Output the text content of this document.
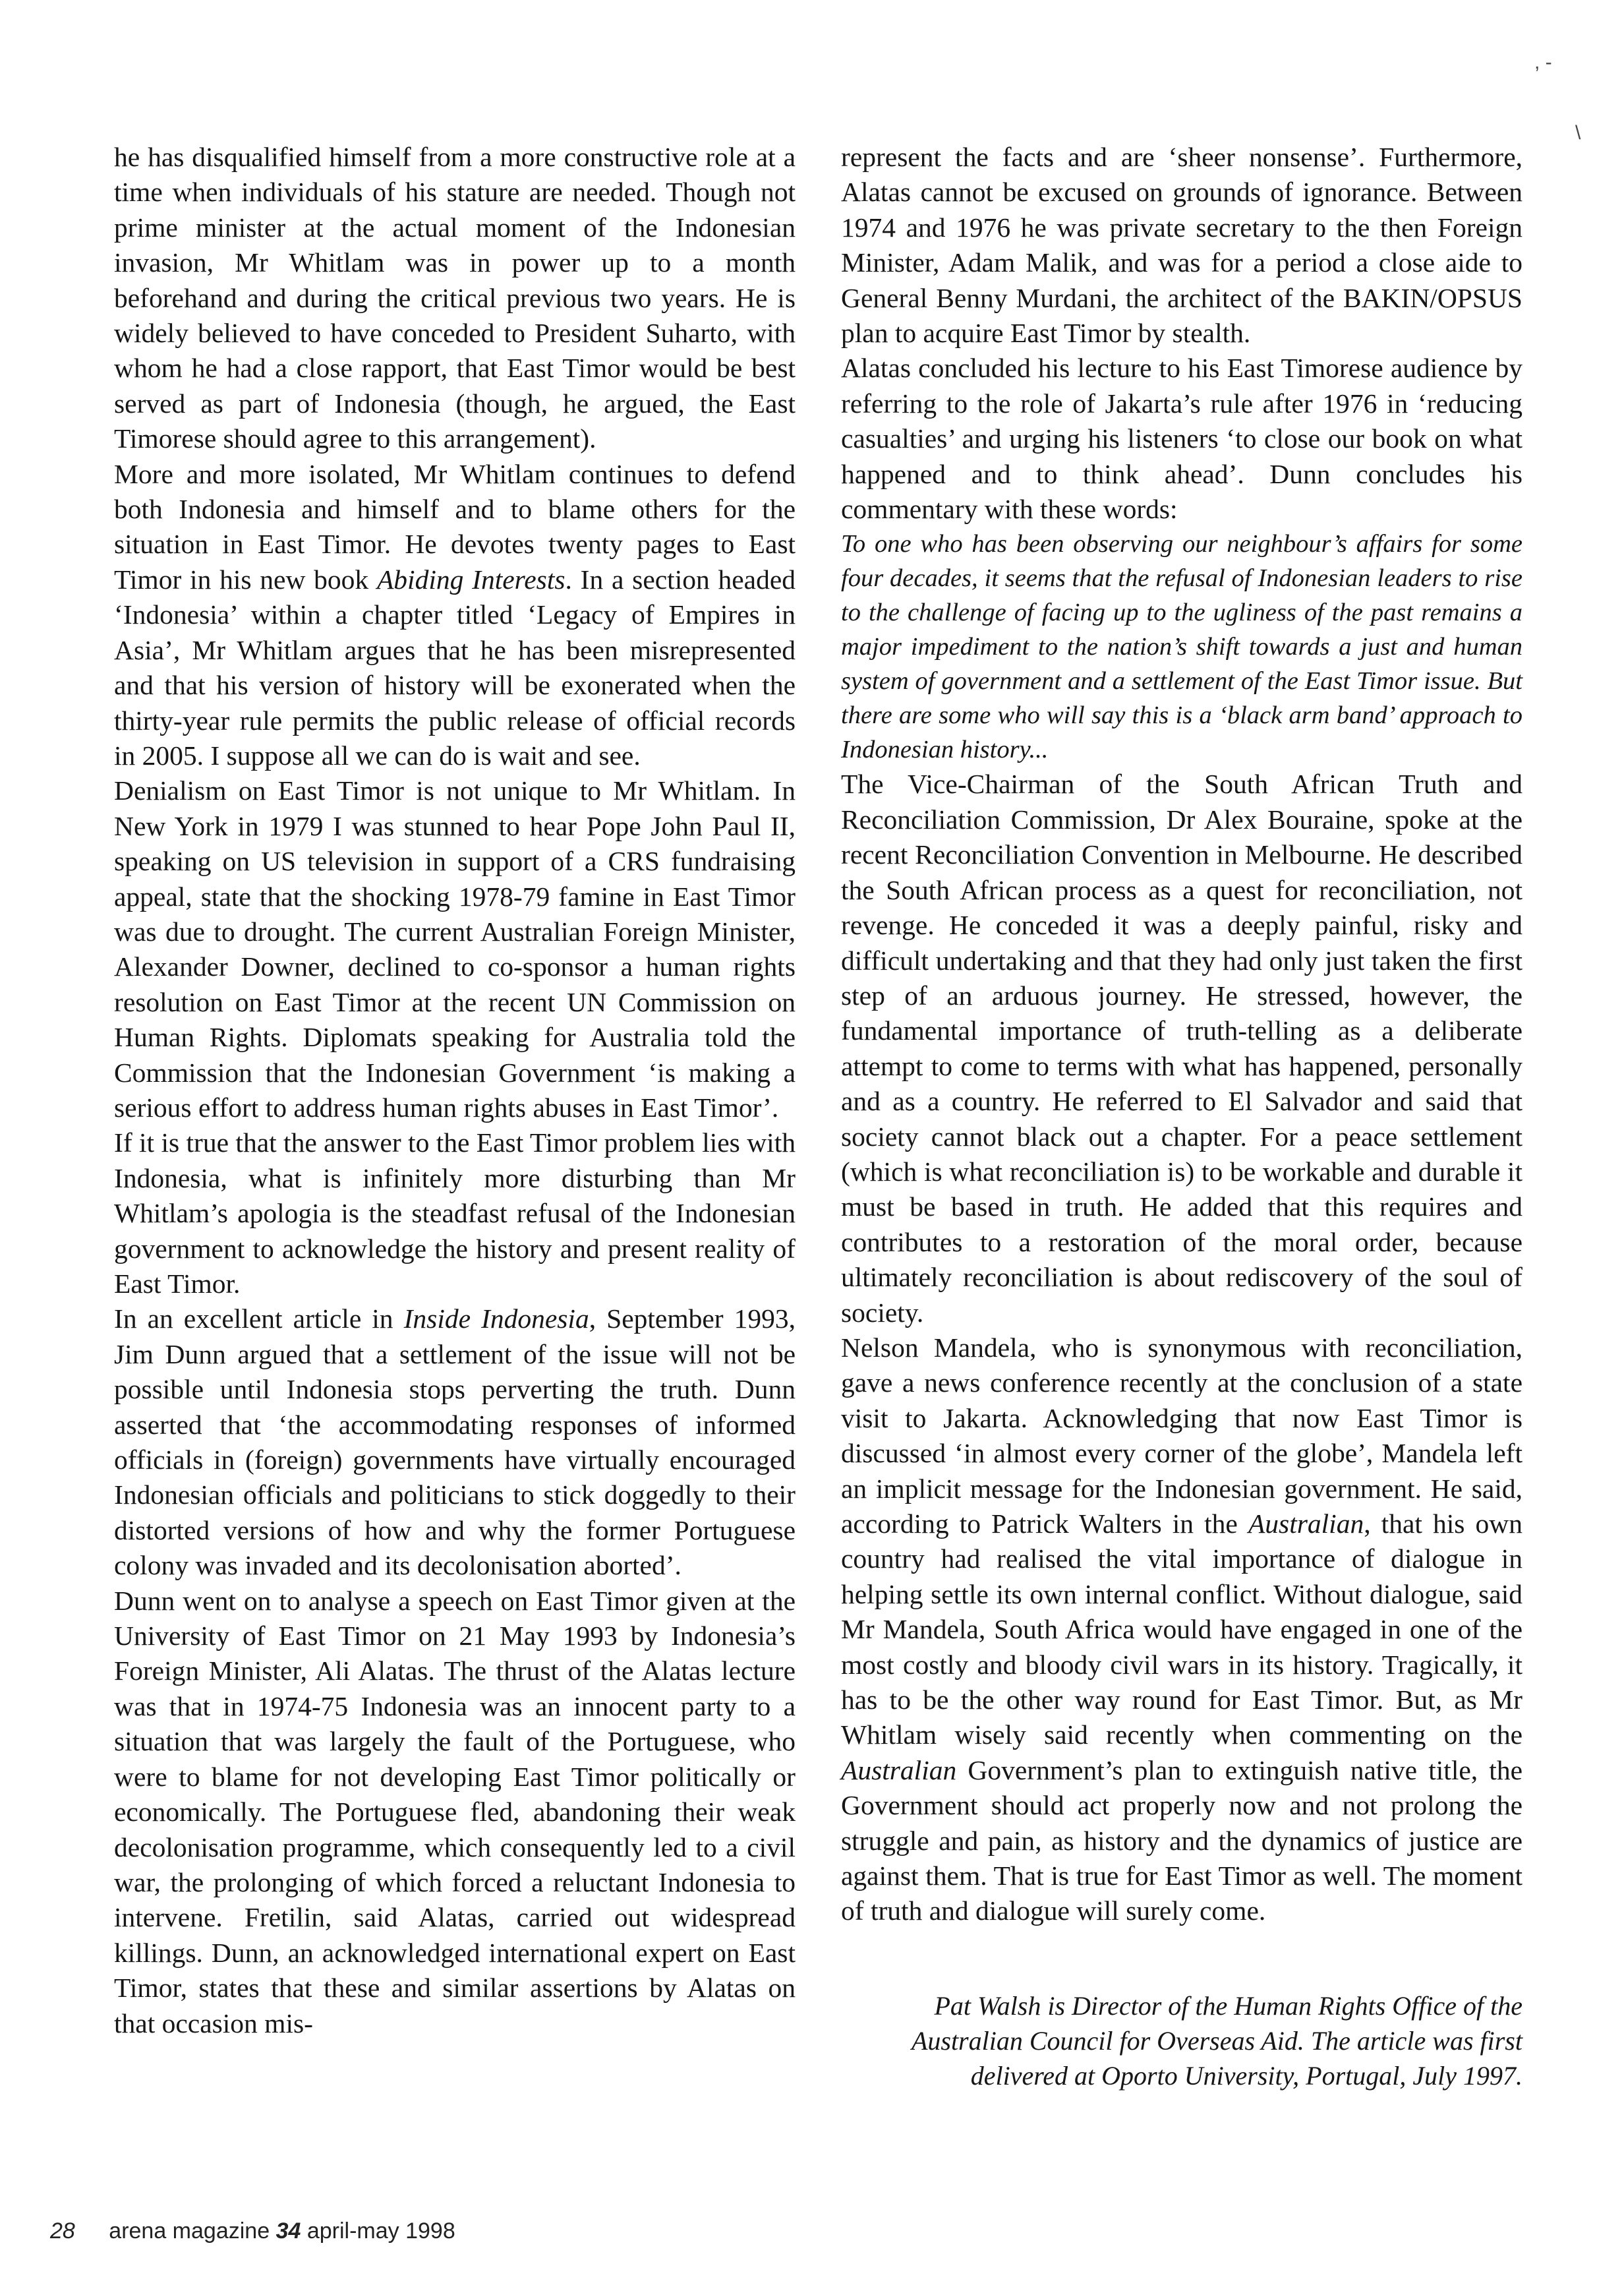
, -
\

he has disqualified himself from a more constructive role at a time when individuals of his stature are needed. Though not prime minister at the actual moment of the Indonesian invasion, Mr Whitlam was in power up to a month beforehand and during the critical previous two years. He is widely believed to have conceded to President Suharto, with whom he had a close rapport, that East Timor would be best served as part of Indonesia (though, he argued, the East Timorese should agree to this arrangement).

More and more isolated, Mr Whitlam continues to defend both Indonesia and himself and to blame others for the situation in East Timor. He devotes twenty pages to East Timor in his new book Abiding Interests. In a section headed ‘Indonesia’ within a chapter titled ‘Legacy of Empires in Asia’, Mr Whitlam argues that he has been misrepresented and that his version of history will be exonerated when the thirty-year rule permits the public release of official records in 2005. I suppose all we can do is wait and see.

Denialism on East Timor is not unique to Mr Whitlam. In New York in 1979 I was stunned to hear Pope John Paul II, speaking on US television in support of a CRS fundraising appeal, state that the shocking 1978-79 famine in East Timor was due to drought. The current Australian Foreign Minister, Alexander Downer, declined to co-sponsor a human rights resolution on East Timor at the recent UN Commission on Human Rights. Diplomats speaking for Australia told the Commission that the Indonesian Government ‘is making a serious effort to address human rights abuses in East Timor’.

If it is true that the answer to the East Timor problem lies with Indonesia, what is infinitely more disturbing than Mr Whitlam’s apologia is the steadfast refusal of the Indonesian government to acknowledge the history and present reality of East Timor.

In an excellent article in Inside Indonesia, September 1993, Jim Dunn argued that a settlement of the issue will not be possible until Indonesia stops perverting the truth. Dunn asserted that ‘the accommodating responses of informed officials in (foreign) governments have virtually encouraged Indonesian officials and politicians to stick doggedly to their distorted versions of how and why the former Portuguese colony was invaded and its decolonisation aborted’.

Dunn went on to analyse a speech on East Timor given at the University of East Timor on 21 May 1993 by Indonesia’s Foreign Minister, Ali Alatas. The thrust of the Alatas lecture was that in 1974-75 Indonesia was an innocent party to a situation that was largely the fault of the Portuguese, who were to blame for not developing East Timor politically or economically. The Portuguese fled, abandoning their weak decolonisation programme, which consequently led to a civil war, the prolonging of which forced a reluctant Indonesia to intervene. Fretilin, said Alatas, carried out widespread killings. Dunn, an acknowledged international expert on East Timor, states that these and similar assertions by Alatas on that occasion mis-

represent the facts and are ‘sheer nonsense’. Furthermore, Alatas cannot be excused on grounds of ignorance. Between 1974 and 1976 he was private secretary to the then Foreign Minister, Adam Malik, and was for a period a close aide to General Benny Murdani, the architect of the BAKIN/OPSUS plan to acquire East Timor by stealth.

Alatas concluded his lecture to his East Timorese audience by referring to the role of Jakarta’s rule after 1976 in ‘reducing casualties’ and urging his listeners ‘to close our book on what happened and to think ahead’. Dunn concludes his commentary with these words:

To one who has been observing our neighbour’s affairs for some four decades, it seems that the refusal of Indonesian leaders to rise to the challenge of facing up to the ugliness of the past remains a major impediment to the nation’s shift towards a just and human system of government and a settlement of the East Timor issue. But there are some who will say this is a ‘black arm band’ approach to Indonesian history...

The Vice-Chairman of the South African Truth and Reconciliation Commission, Dr Alex Bouraine, spoke at the recent Reconciliation Convention in Melbourne. He described the South African process as a quest for reconciliation, not revenge. He conceded it was a deeply painful, risky and difficult undertaking and that they had only just taken the first step of an arduous journey. He stressed, however, the fundamental importance of truth-telling as a deliberate attempt to come to terms with what has happened, personally and as a country. He referred to El Salvador and said that society cannot black out a chapter. For a peace settlement (which is what reconciliation is) to be workable and durable it must be based in truth. He added that this requires and contributes to a restoration of the moral order, because ultimately reconciliation is about rediscovery of the soul of society.

Nelson Mandela, who is synonymous with reconciliation, gave a news conference recently at the conclusion of a state visit to Jakarta. Acknowledging that now East Timor is discussed ‘in almost every corner of the globe’, Mandela left an implicit message for the Indonesian government. He said, according to Patrick Walters in the Australian, that his own country had realised the vital importance of dialogue in helping settle its own internal conflict. Without dialogue, said Mr Mandela, South Africa would have engaged in one of the most costly and bloody civil wars in its history. Tragically, it has to be the other way round for East Timor. But, as Mr Whitlam wisely said recently when commenting on the Australian Government’s plan to extinguish native title, the Government should act properly now and not prolong the struggle and pain, as history and the dynamics of justice are against them. That is true for East Timor as well. The moment of truth and dialogue will surely come.

Pat Walsh is Director of the Human Rights Office of the
Australian Council for Overseas Aid. The article was first
delivered at Oporto University, Portugal, July 1997.

28 arena magazine 34 april-may 1998
